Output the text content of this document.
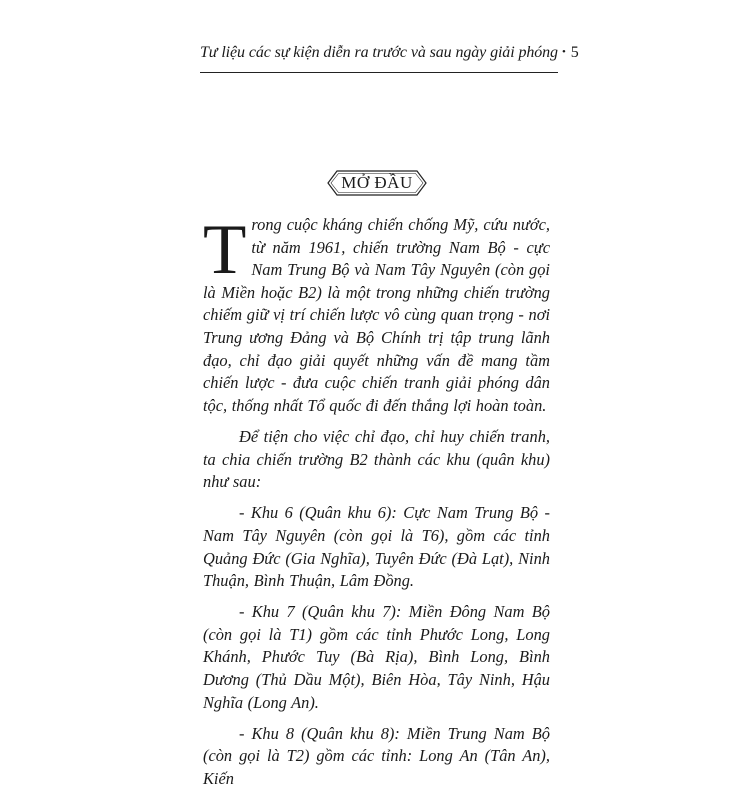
Tư liệu các sự kiện diễn ra trước và sau ngày giải phóng • 5
MỞ ĐẦU

Trong cuộc kháng chiến chống Mỹ, cứu nước, từ năm 1961, chiến trường Nam Bộ - cực Nam Trung Bộ và Nam Tây Nguyên (còn gọi là Miền hoặc B2) là một trong những chiến trường chiếm giữ vị trí chiến lược vô cùng quan trọng - nơi Trung ương Đảng và Bộ Chính trị tập trung lãnh đạo, chỉ đạo giải quyết những vấn đề mang tầm chiến lược - đưa cuộc chiến tranh giải phóng dân tộc, thống nhất Tổ quốc đi đến thắng lợi hoàn toàn.

Để tiện cho việc chỉ đạo, chỉ huy chiến tranh, ta chia chiến trường B2 thành các khu (quân khu) như sau:

- Khu 6 (Quân khu 6): Cực Nam Trung Bộ - Nam Tây Nguyên (còn gọi là T6), gồm các tỉnh Quảng Đức (Gia Nghĩa), Tuyên Đức (Đà Lạt), Ninh Thuận, Bình Thuận, Lâm Đồng.

- Khu 7 (Quân khu 7): Miền Đông Nam Bộ (còn gọi là T1) gồm các tỉnh Phước Long, Long Khánh, Phước Tuy (Bà Rịa), Bình Long, Bình Dương (Thủ Dầu Một), Biên Hòa, Tây Ninh, Hậu Nghĩa (Long An).

- Khu 8 (Quân khu 8): Miền Trung Nam Bộ (còn gọi là T2) gồm các tỉnh: Long An (Tân An), Kiến
